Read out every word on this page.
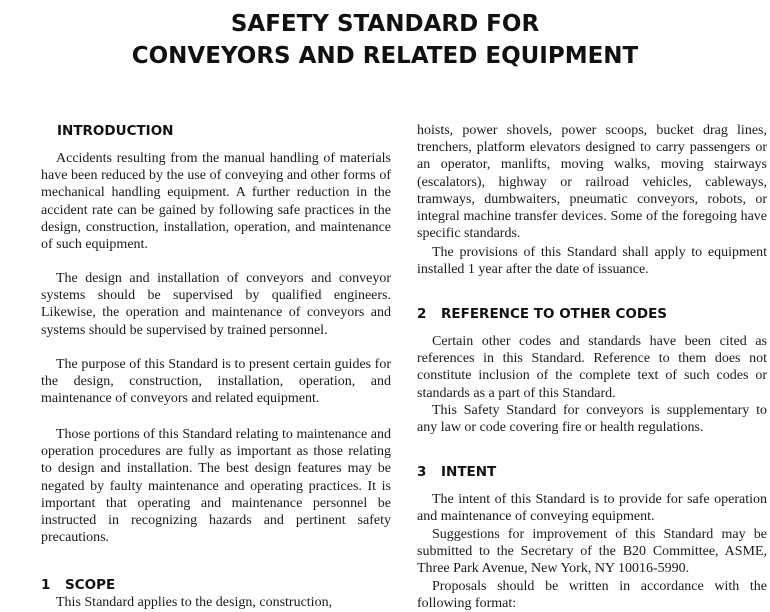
SAFETY STANDARD FOR
CONVEYORS AND RELATED EQUIPMENT
INTRODUCTION

Accidents resulting from the manual handling of materials have been reduced by the use of conveying and other forms of mechanical handling equipment. A further reduction in the accident rate can be gained by following safe practices in the design, construction, installation, operation, and maintenance of such equipment.

The design and installation of conveyors and conveyor systems should be supervised by qualified engineers. Likewise, the operation and maintenance of conveyors and systems should be supervised by trained personnel.

The purpose of this Standard is to present certain guides for the design, construction, installation, operation, and maintenance of conveyors and related equipment.

Those portions of this Standard relating to maintenance and operation procedures are fully as important as those relating to design and installation. The best design features may be negated by faulty maintenance and operating practices. It is important that operating and maintenance personnel be instructed in recognizing hazards and pertinent safety precautions.

1 SCOPE

This Standard applies to the design, construction,

hoists, power shovels, power scoops, bucket drag lines, trenchers, platform elevators designed to carry passengers or an operator, manlifts, moving walks, moving stairways (escalators), highway or railroad vehicles, cableways, tramways, dumbwaiters, pneumatic conveyors, robots, or integral machine transfer devices. Some of the foregoing have specific standards.

The provisions of this Standard shall apply to equipment installed 1 year after the date of issuance.

2 REFERENCE TO OTHER CODES

Certain other codes and standards have been cited as references in this Standard. Reference to them does not constitute inclusion of the complete text of such codes or standards as a part of this Standard.

This Safety Standard for conveyors is supplementary to any law or code covering fire or health regulations.

3 INTENT

The intent of this Standard is to provide for safe operation and maintenance of conveying equipment.

Suggestions for improvement of this Standard may be submitted to the Secretary of the B20 Committee, ASME, Three Park Avenue, New York, NY 10016-5990.

Proposals should be written in accordance with the following format:
